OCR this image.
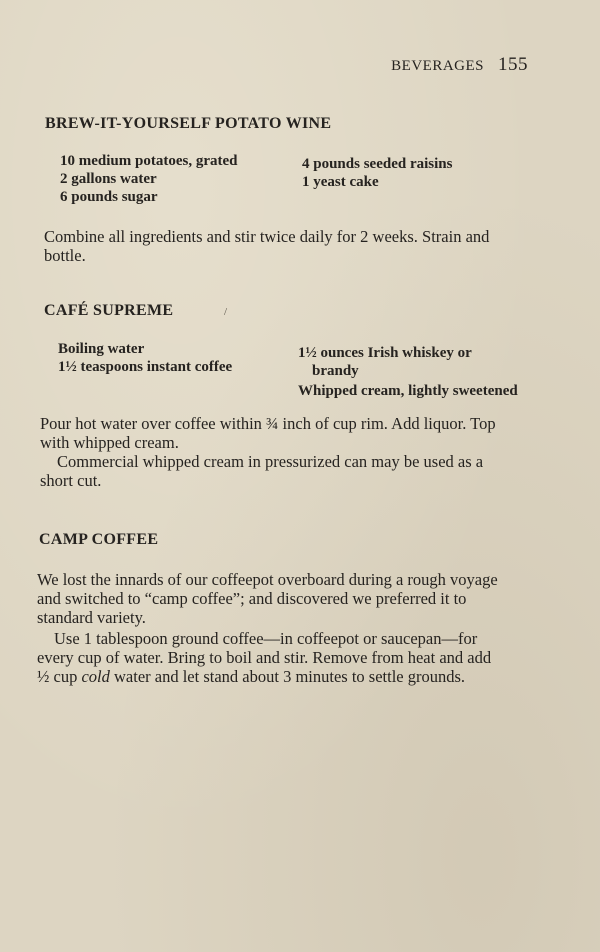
BEVERAGES 155
BREW-IT-YOURSELF POTATO WINE
10 medium potatoes, grated
2 gallons water
6 pounds sugar
4 pounds seeded raisins
1 yeast cake
Combine all ingredients and stir twice daily for 2 weeks. Strain and
bottle.
CAFÉ SUPREME	/
Boiling water
1½ teaspoons instant coffee
1½ ounces Irish whiskey or
brandy
Whipped cream, lightly sweetened
Pour hot water over coffee within ¾ inch of cup rim. Add liquor. Top
with whipped cream.
Commercial whipped cream in pressurized can may be used as a
short cut.
CAMP COFFEE
We lost the innards of our coffeepot overboard during a rough voyage
and switched to “camp coffee”; and discovered we preferred it to
standard variety.
Use 1 tablespoon ground coffee—in coffeepot or saucepan—for
every cup of water. Bring to boil and stir. Remove from heat and add
½ cup cold water and let stand about 3 minutes to settle grounds.
